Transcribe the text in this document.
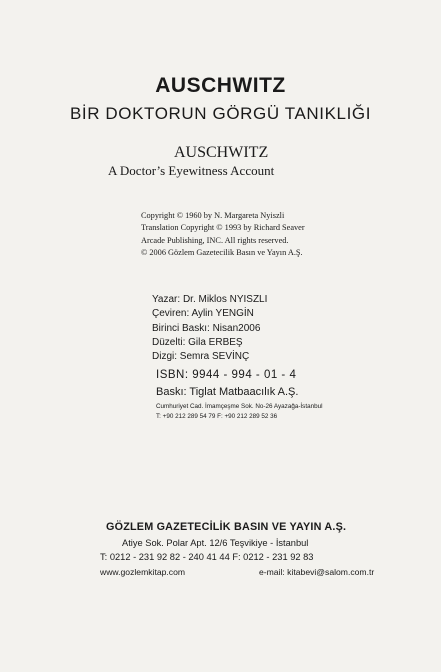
AUSCHWITZ
BİR DOKTORUN GÖRGÜ TANIKLIĞI
AUSCHWITZ
A Doctor’s Eyewitness Account
Copyright © 1960 by N. Margareta Nyiszli
Translation Copyright © 1993 by Richard Seaver
Arcade Publishing, INC. All rights reserved.
© 2006 Gözlem Gazetecilik Basın ve Yayın A.Ş.
Yazar: Dr. Miklos NYISZLI
Çeviren: Aylin YENGİN
Birinci Baskı: Nisan2006
Düzelti: Gila ERBEŞ
Dizgi: Semra SEVİNÇ
ISBN: 9944 - 994 - 01 - 4
Baskı: Tiglat Matbaacılık A.Ş.
Cumhuriyet Cad. İmamçeşme Sok. No-26 Ayazağa-İstanbul
T: +90 212 289 54 79 F: +90 212 289 52 36
GÖZLEM GAZETECİLİK BASIN VE YAYIN A.Ş.
Atiye Sok. Polar Apt. 12/6 Teşvikiye - İstanbul
T: 0212 - 231 92 82 - 240 41 44 F: 0212 - 231 92 83
www.gozlemkitap.com	e-mail: kitabevi@salom.com.tr
